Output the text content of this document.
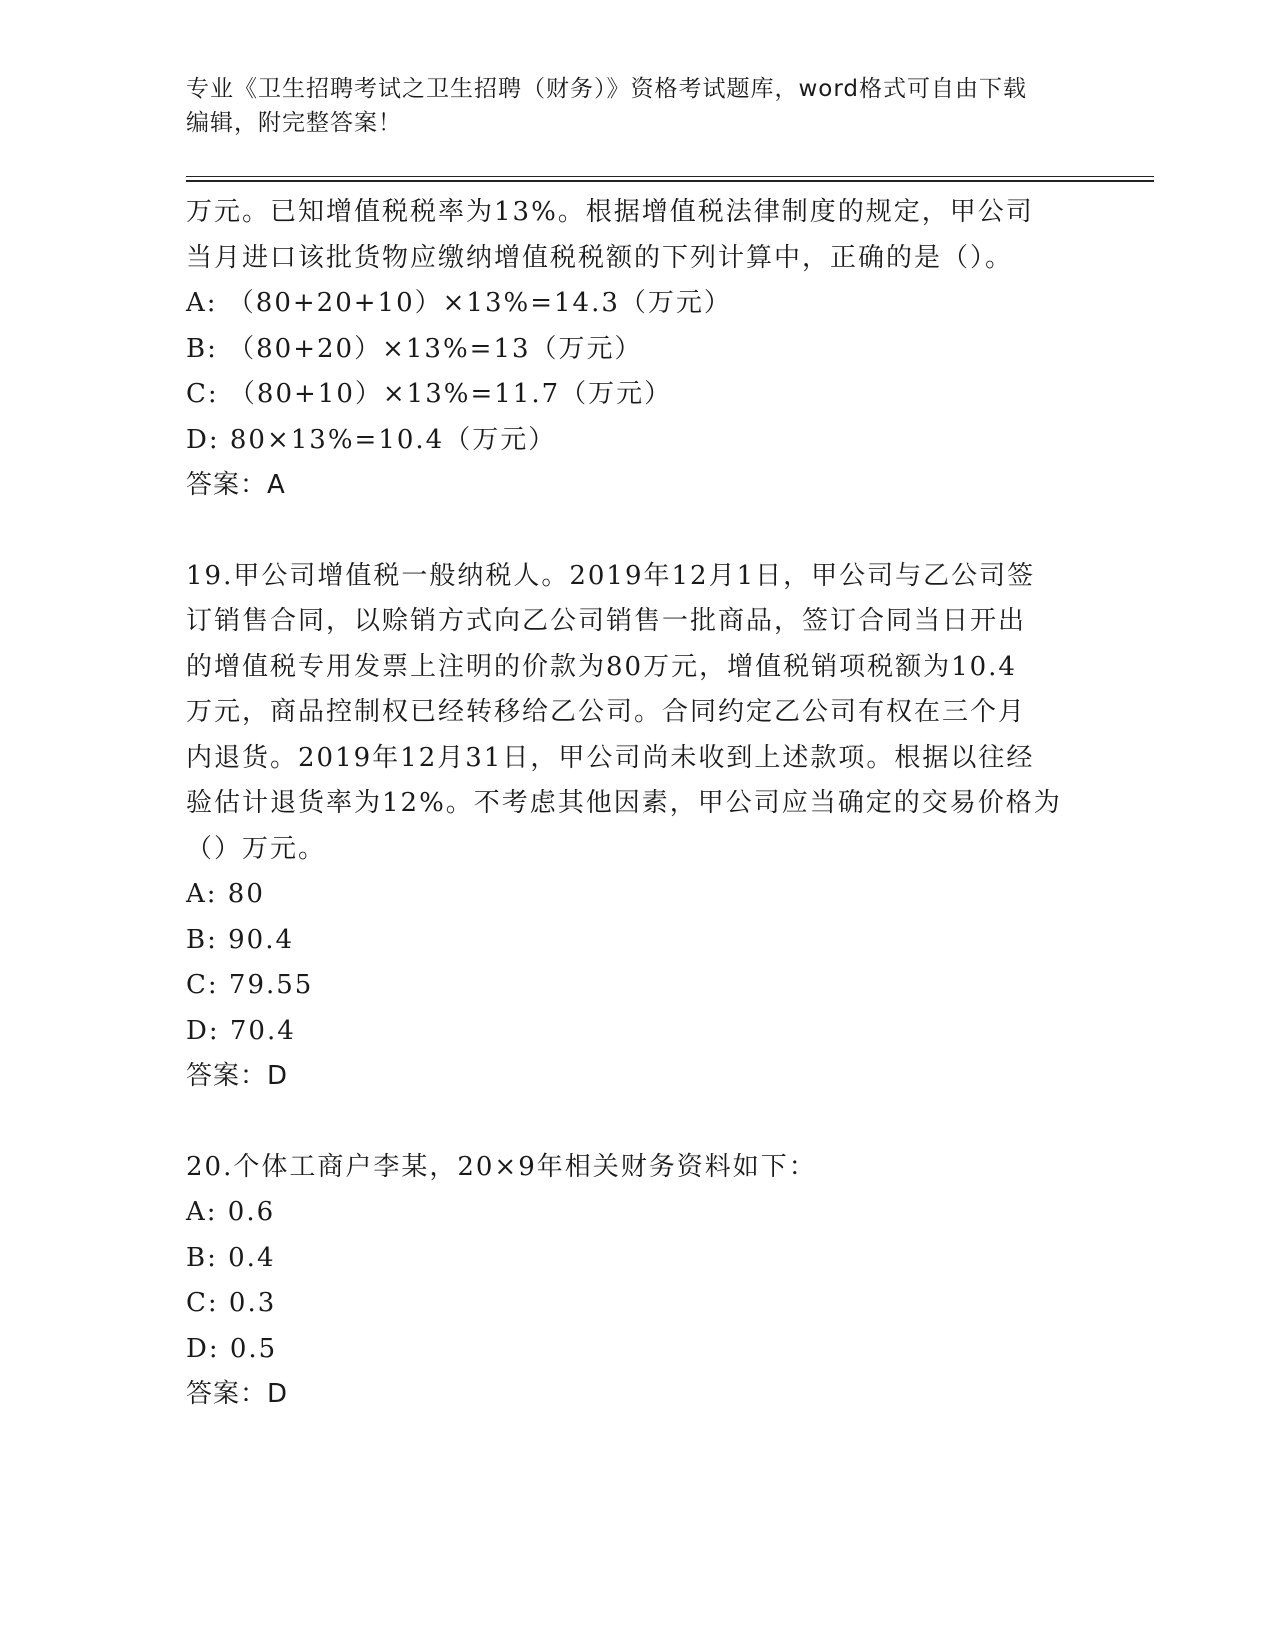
专业《卫生招聘考试之卫生招聘（财务）》资格考试题库，word格式可自由下载
编辑，附完整答案！
万元。已知增值税税率为13%。根据增值税法律制度的规定，甲公司
当月进口该批货物应缴纳增值税税额的下列计算中，正确的是（）。
A: （80+20+10）×13%=14.3（万元）
B: （80+20）×13%=13（万元）
C: （80+10）×13%=11.7（万元）
D: 80×13%=10.4（万元）
答案：A
19.甲公司增值税一般纳税人。2019年12月1日，甲公司与乙公司签
订销售合同，以赊销方式向乙公司销售一批商品，签订合同当日开出
的增值税专用发票上注明的价款为80万元，增值税销项税额为10.4
万元，商品控制权已经转移给乙公司。合同约定乙公司有权在三个月
内退货。2019年12月31日，甲公司尚未收到上述款项。根据以往经
验估计退货率为12%。不考虑其他因素，甲公司应当确定的交易价格为
（）万元。
A: 80
B: 90.4
C: 79.55
D: 70.4
答案：D
20.个体工商户李某，20×9年相关财务资料如下：
A: 0.6
B: 0.4
C: 0.3
D: 0.5
答案：D
